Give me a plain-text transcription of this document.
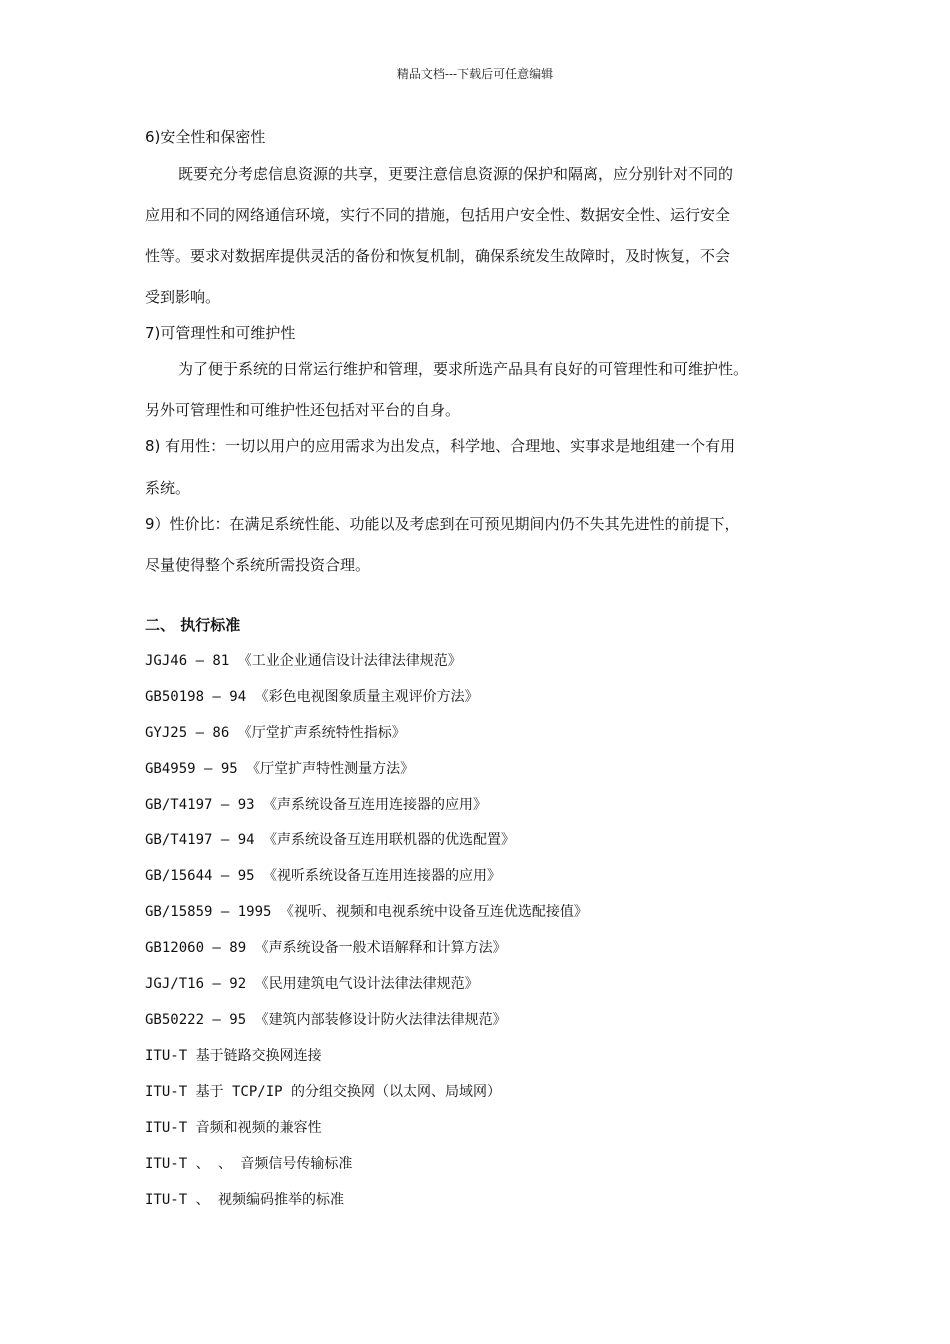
精品文档---下载后可任意编辑
6)安全性和保密性
既要充分考虑信息资源的共享，更要注意信息资源的保护和隔离，应分别针对不同的
应用和不同的网络通信环境，实行不同的措施，包括用户安全性、数据安全性、运行安全
性等。要求对数据库提供灵活的备份和恢复机制，确保系统发生故障时，及时恢复，不会
受到影响。
7)可管理性和可维护性
为了便于系统的日常运行维护和管理，要求所选产品具有良好的可管理性和可维护性。
另外可管理性和可维护性还包括对平台的自身。
8) 有用性：一切以用户的应用需求为出发点，科学地、合理地、实事求是地组建一个有用
系统。
9）性价比：在满足系统性能、功能以及考虑到在可预见期间内仍不失其先进性的前提下，
尽量使得整个系统所需投资合理。
二、 执行标准
JGJ46 — 81 《工业企业通信设计法律法律规范》
GB50198 — 94 《彩色电视图象质量主观评价方法》
GYJ25 — 86 《厅堂扩声系统特性指标》
GB4959 — 95 《厅堂扩声特性测量方法》
GB/T4197 — 93 《声系统设备互连用连接器的应用》
GB/T4197 — 94 《声系统设备互连用联机器的优选配置》
GB/15644 — 95 《视听系统设备互连用连接器的应用》
GB/15859 — 1995 《视听、视频和电视系统中设备互连优选配接值》
GB12060 — 89 《声系统设备一般术语解释和计算方法》
JGJ/T16 — 92 《民用建筑电气设计法律法律规范》
GB50222 — 95 《建筑内部装修设计防火法律法律规范》
ITU-T 基于链路交换网连接
ITU-T 基于 TCP/IP 的分组交换网（以太网、局域网）
ITU-T 音频和视频的兼容性
ITU-T 、 、 音频信号传输标准
ITU-T 、 视频编码推举的标准
